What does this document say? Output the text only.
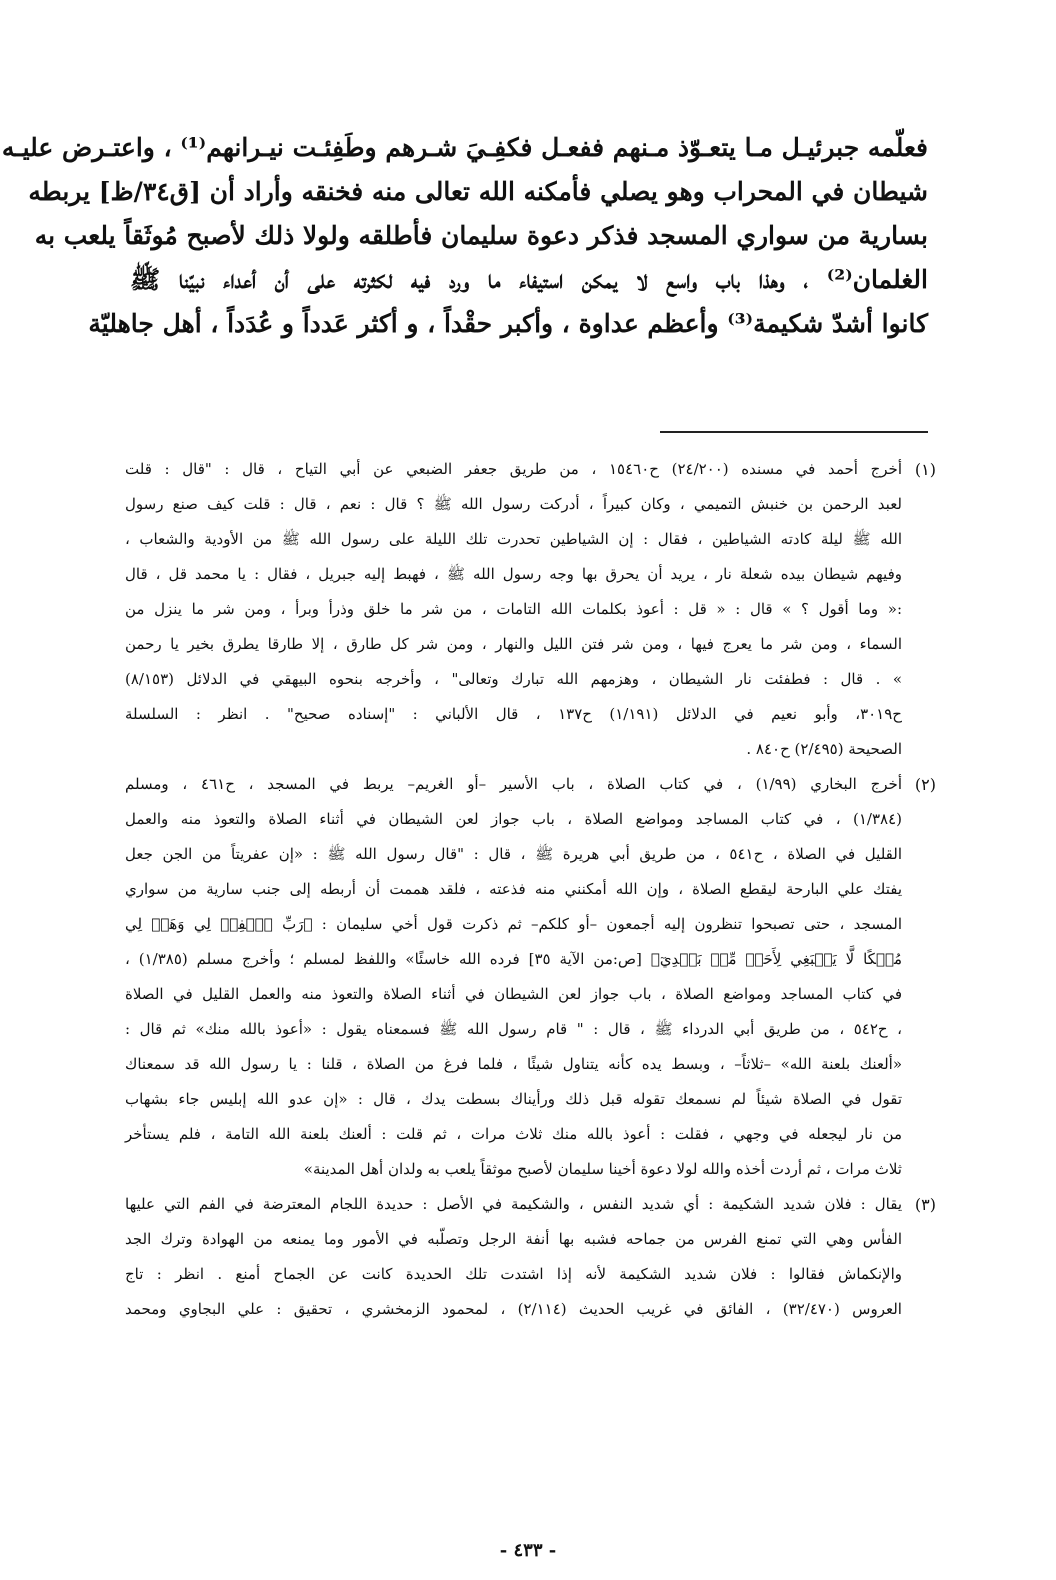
فعلّمه جبرئيـل مـا يتعـوّذ مـنهم ففعـل فكفِـيَ شـرهم وطَفِئـت نيـرانهم⁽¹⁾ ، واعتـرض عليـه
شيطان في المحراب وهو يصلي فأمكنه الله تعالى منه فخنقه وأراد أن [ق٣٤/ظ] يربطه
بسارية من سواري المسجد فذكر دعوة سليمان فأطلقه ولولا ذلك لأصبح مُوثَقاً يلعب به
الغلمان⁽²⁾ ، وهذا باب واسع لا يمكن استيفاء ما ورد فيه لكثرته على أن أعداء نبيّنا ﷺ
كانوا أشدّ شكيمة⁽³⁾ وأعظم عداوة ، وأكبر حقْداً ، و أكثر عَدداً و عُدَداً ، أهل جاهليّة
(١)
أخرج أحمد في مسنده (٢٤/٢٠٠) ح١٥٤٦٠ ، من طريق جعفر الضبعي عن أبي التياح ، قال : "قال : قلت
لعبد الرحمن بن خنبش التميمي ، وكان كبيراً ، أدركت رسول الله ﷺ ؟ قال : نعم ، قال : قلت كيف صنع رسول
الله ﷺ ليلة كادته الشياطين ، فقال : إن الشياطين تحدرت تلك الليلة على رسول الله ﷺ من الأودية والشعاب ،
وفيهم شيطان بيده شعلة نار ، يريد أن يحرق بها وجه رسول الله ﷺ ، فهبط إليه جبريل ، فقال : يا محمد قل ، قال
:« وما أقول ؟ » قال : « قل : أعوذ بكلمات الله التامات ، من شر ما خلق وذرأ وبرأ ، ومن شر ما ينزل من
السماء ، ومن شر ما يعرج فيها ، ومن شر فتن الليل والنهار ، ومن شر كل طارق ، إلا طارقا يطرق بخير يا رحمن
» . قال : فطفئت نار الشيطان ، وهزمهم الله تبارك وتعالى" ، وأخرجه بنحوه البيهقي في الدلائل (٨/١٥٣)
ح٣٠١٩، وأبو نعيم في الدلائل (١/١٩١) ح١٣٧ ، قال الألباني : "إسناده صحيح" . انظر : السلسلة
الصحيحة (٢/٤٩٥) ح٨٤٠ .
(٢)
أخرج البخاري (١/٩٩) ، في كتاب الصلاة ، باب الأسير –أو الغريم– يربط في المسجد ، ح٤٦١ ، ومسلم
(١/٣٨٤) ، في كتاب المساجد ومواضع الصلاة ، باب جواز لعن الشيطان في أثناء الصلاة والتعوذ منه والعمل
القليل في الصلاة ، ح٥٤١ ، من طريق أبي هريرة ﷺ ، قال : "قال رسول الله ﷺ : «إن عفريتاً من الجن جعل
يفتك علي البارحة ليقطع الصلاة ، وإن الله أمكنني منه فذعته ، فلقد هممت أن أربطه إلى جنب سارية من سواري
المسجد ، حتى تصبحوا تنظرون إليه أجمعون –أو كلكم– ثم ذكرت قول أخي سليمان : ﴿رَبِّ ٱغۡفِرۡ لِي وَهَبۡ لِي
مُلۡكًا لَّا يَنۢبَغِي لِأَحَدٖ مِّنۢ بَعۡدِيٓ﴾ [ص:من الآية ٣٥] فرده الله خاسئًا» واللفظ لمسلم ؛ وأخرج مسلم (١/٣٨٥) ،
في كتاب المساجد ومواضع الصلاة ، باب جواز لعن الشيطان في أثناء الصلاة والتعوذ منه والعمل القليل في الصلاة
، ح٥٤٢ ، من طريق أبي الدرداء ﷺ ، قال : " قام رسول الله ﷺ فسمعناه يقول : «أعوذ بالله منك» ثم قال :
«ألعنك بلعنة الله» –ثلاثاً– ، وبسط يده كأنه يتناول شيئًا ، فلما فرغ من الصلاة ، قلنا : يا رسول الله قد سمعناك
تقول في الصلاة شيئاً لم نسمعك تقوله قبل ذلك ورأيناك بسطت يدك ، قال : «إن عدو الله إبليس جاء بشهاب
من نار ليجعله في وجهي ، فقلت : أعوذ بالله منك ثلاث مرات ، ثم قلت : ألعنك بلعنة الله التامة ، فلم يستأخر
ثلاث مرات ، ثم أردت أخذه والله لولا دعوة أخينا سليمان لأصبح موثقاً يلعب به ولدان أهل المدينة»
(٣)
يقال : فلان شديد الشكيمة : أي شديد النفس ، والشكيمة في الأصل : حديدة اللجام المعترضة في الفم التي عليها
الفأس وهي التي تمنع الفرس من جماحه فشبه بها أنفة الرجل وتصلّبه في الأمور وما يمنعه من الهوادة وترك الجد
والإنكماش فقالوا : فلان شديد الشكيمة لأنه إذا اشتدت تلك الحديدة كانت عن الجماح أمنع . انظر : تاج
العروس (٣٢/٤٧٠) ، الفائق في غريب الحديث (٢/١١٤) ، لمحمود الزمخشري ، تحقيق : علي البجاوي ومحمد
- ٤٣٣ -
